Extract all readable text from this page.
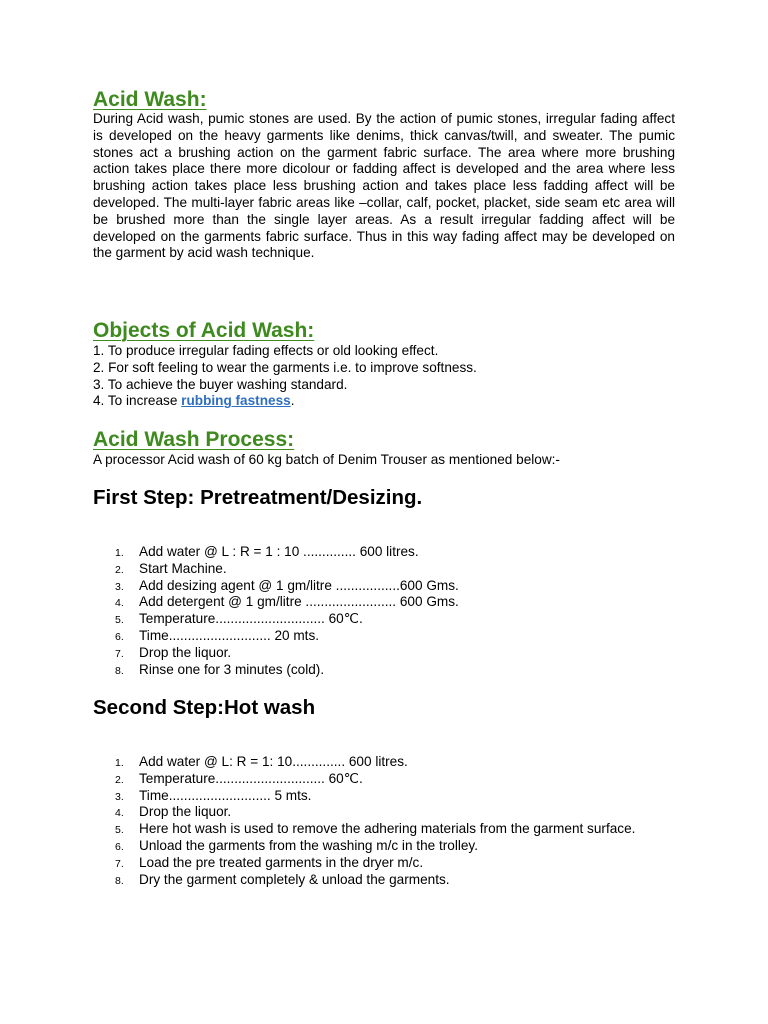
Acid Wash:

During Acid wash, pumic stones are used. By the action of pumic stones, irregular fading affect is developed on the heavy garments like denims, thick canvas/twill, and sweater. The pumic stones act a brushing action on the garment fabric surface. The area where more brushing action takes place there more dicolour or fadding affect is developed and the area where less brushing action takes place less brushing action and takes place less fadding affect will be developed. The multi-layer fabric areas like –collar, calf, pocket, placket, side seam etc area will be brushed more than the single layer areas. As a result irregular fadding affect will be developed on the garments fabric surface. Thus in this way fading affect may be developed on the garment by acid wash technique.

Objects of Acid Wash:
1. To produce irregular fading effects or old looking effect.
2. For soft feeling to wear the garments i.e. to improve softness.
3. To achieve the buyer washing standard.
4. To increase rubbing fastness.
Acid Wash Process:

A processor Acid wash of 60 kg batch of Denim Trouser as mentioned below:-

First Step: Pretreatment/Desizing.
1. Add water @ L : R = 1 : 10 .............. 600 litres.
2. Start Machine.
3. Add desizing agent @ 1 gm/litre .................600 Gms.
4. Add detergent @ 1 gm/litre ........................ 600 Gms.
5. Temperature............................. 60℃.
6. Time........................... 20 mts.
7. Drop the liquor.
8. Rinse one for 3 minutes (cold).
Second Step:Hot wash
1. Add water @ L: R = 1: 10.............. 600 litres.
2. Temperature............................. 60℃.
3. Time........................... 5 mts.
4. Drop the liquor.
5. Here hot wash is used to remove the adhering materials from the garment surface.
6. Unload the garments from the washing m/c in the trolley.
7. Load the pre treated garments in the dryer m/c.
8. Dry the garment completely & unload the garments.
